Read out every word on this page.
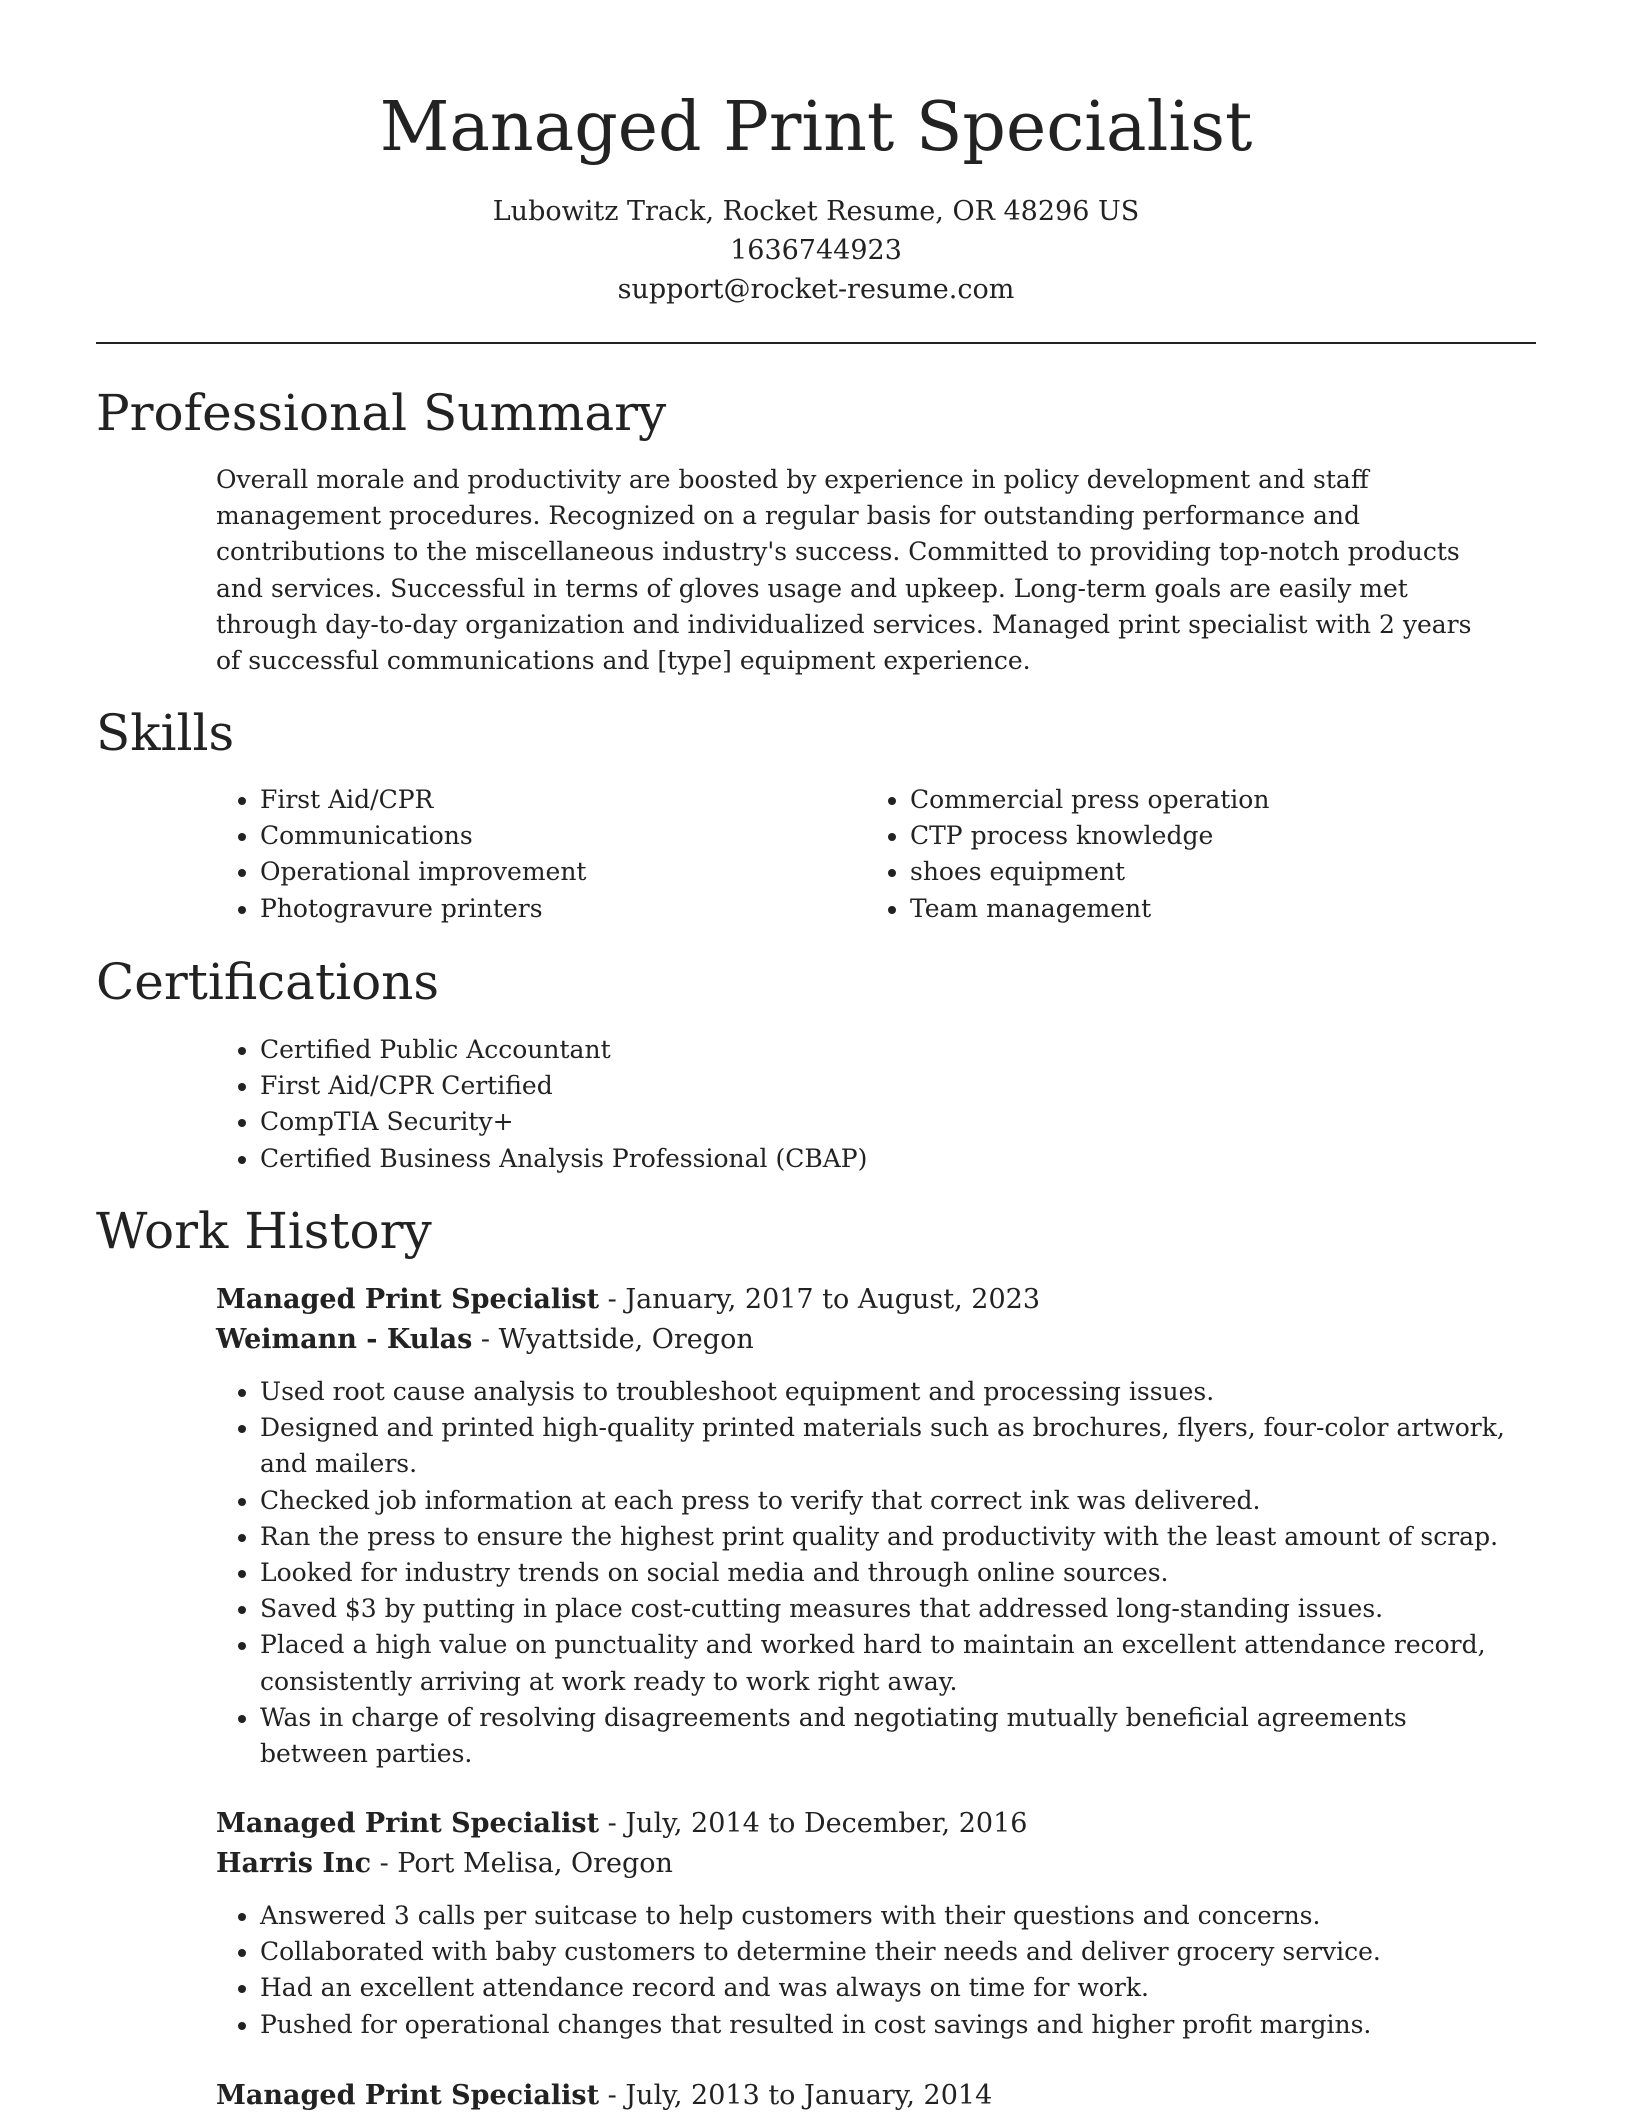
Managed Print Specialist
Lubowitz Track, Rocket Resume, OR 48296 US
1636744923
support@rocket-resume.com
Professional Summary

Overall morale and productivity are boosted by experience in policy development and staff management procedures. Recognized on a regular basis for outstanding performance and contributions to the miscellaneous industry's success. Committed to providing top-notch products and services. Successful in terms of gloves usage and upkeep. Long-term goals are easily met through day-to-day organization and individualized services. Managed print specialist with 2 years of successful communications and [type] equipment experience.

Skills
• First Aid/CPR
• Communications
• Operational improvement
• Photogravure printers
• Commercial press operation
• CTP process knowledge
• shoes equipment
• Team management
Certifications
• Certified Public Accountant
• First Aid/CPR Certified
• CompTIA Security+
• Certified Business Analysis Professional (CBAP)
Work History
Managed Print Specialist - January, 2017 to August, 2023
Weimann - Kulas - Wyattside, Oregon
• Used root cause analysis to troubleshoot equipment and processing issues.
• Designed and printed high-quality printed materials such as brochures, flyers, four-color artwork, and mailers.
• Checked job information at each press to verify that correct ink was delivered.
• Ran the press to ensure the highest print quality and productivity with the least amount of scrap.
• Looked for industry trends on social media and through online sources.
• Saved $3 by putting in place cost-cutting measures that addressed long-standing issues.
• Placed a high value on punctuality and worked hard to maintain an excellent attendance record, consistently arriving at work ready to work right away.
• Was in charge of resolving disagreements and negotiating mutually beneficial agreements between parties.
Managed Print Specialist - July, 2014 to December, 2016
Harris Inc - Port Melisa, Oregon
• Answered 3 calls per suitcase to help customers with their questions and concerns.
• Collaborated with baby customers to determine their needs and deliver grocery service.
• Had an excellent attendance record and was always on time for work.
• Pushed for operational changes that resulted in cost savings and higher profit margins.
Managed Print Specialist - July, 2013 to January, 2014
